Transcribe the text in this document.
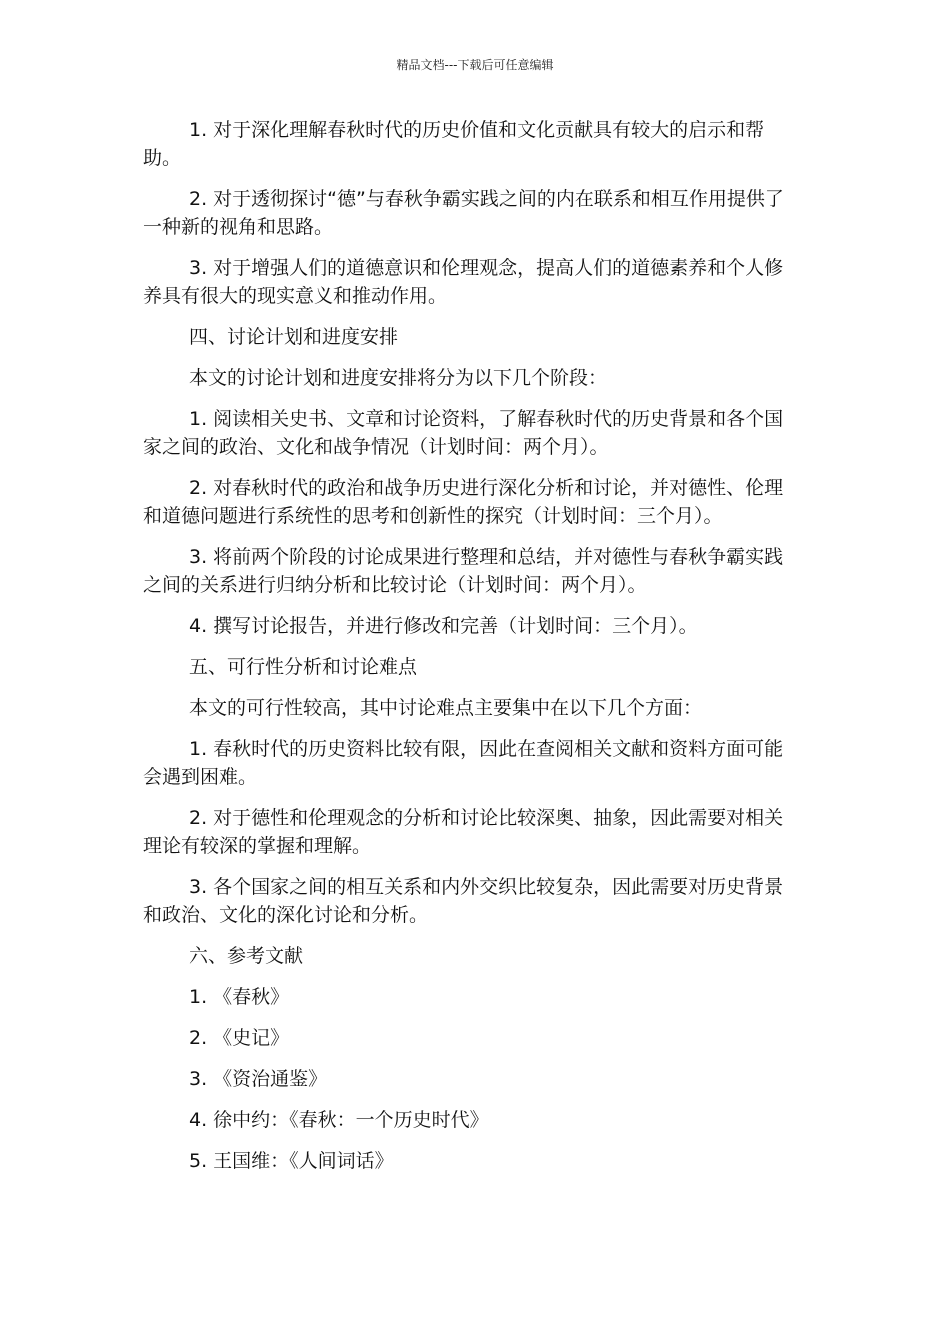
精品文档---下载后可任意编辑

1. 对于深化理解春秋时代的历史价值和文化贡献具有较大的启示和帮助。

2. 对于透彻探讨“德”与春秋争霸实践之间的内在联系和相互作用提供了一种新的视角和思路。

3. 对于增强人们的道德意识和伦理观念，提高人们的道德素养和个人修养具有很大的现实意义和推动作用。

四、讨论计划和进度安排

本文的讨论计划和进度安排将分为以下几个阶段：

1. 阅读相关史书、文章和讨论资料，了解春秋时代的历史背景和各个国家之间的政治、文化和战争情况（计划时间：两个月）。

2. 对春秋时代的政治和战争历史进行深化分析和讨论，并对德性、伦理和道德问题进行系统性的思考和创新性的探究（计划时间：三个月）。

3. 将前两个阶段的讨论成果进行整理和总结，并对德性与春秋争霸实践之间的关系进行归纳分析和比较讨论（计划时间：两个月）。

4. 撰写讨论报告，并进行修改和完善（计划时间：三个月）。

五、可行性分析和讨论难点

本文的可行性较高，其中讨论难点主要集中在以下几个方面：

1. 春秋时代的历史资料比较有限，因此在查阅相关文献和资料方面可能会遇到困难。

2. 对于德性和伦理观念的分析和讨论比较深奥、抽象，因此需要对相关理论有较深的掌握和理解。

3. 各个国家之间的相互关系和内外交织比较复杂，因此需要对历史背景和政治、文化的深化讨论和分析。

六、参考文献

1. 《春秋》

2. 《史记》

3. 《资治通鉴》

4. 徐中约：《春秋：一个历史时代》

5. 王国维：《人间词话》
